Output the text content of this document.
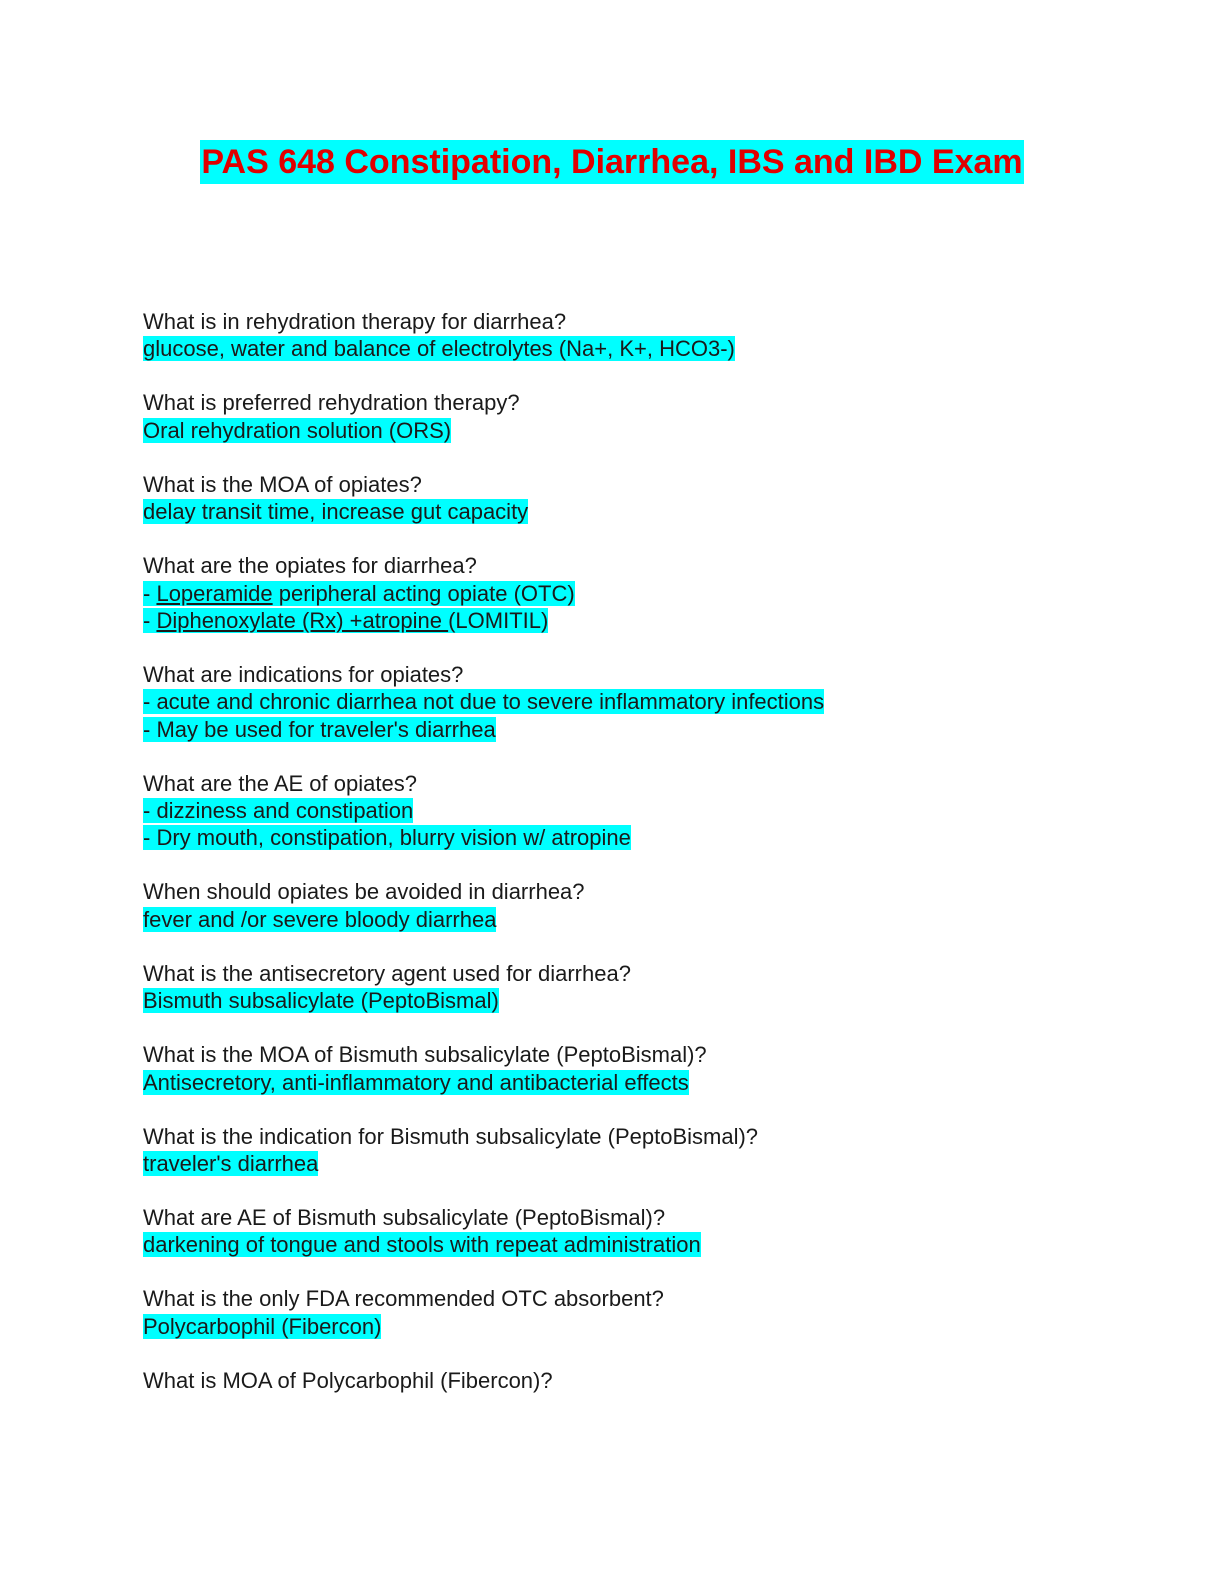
PAS 648 Constipation, Diarrhea, IBS and IBD Exam
What is in rehydration therapy for diarrhea?
glucose, water and balance of electrolytes (Na+, K+, HCO3-)
What is preferred rehydration therapy?
Oral rehydration solution (ORS)
What is the MOA of opiates?
delay transit time, increase gut capacity
What are the opiates for diarrhea?
- Loperamide peripheral acting opiate (OTC)
- Diphenoxylate (Rx) +atropine (LOMITIL)
What are indications for opiates?
- acute and chronic diarrhea not due to severe inflammatory infections
- May be used for traveler's diarrhea
What are the AE of opiates?
- dizziness and constipation
- Dry mouth, constipation, blurry vision w/ atropine
When should opiates be avoided in diarrhea?
fever and /or severe bloody diarrhea
What is the antisecretory agent used for diarrhea?
Bismuth subsalicylate (PeptoBismal)
What is the MOA of Bismuth subsalicylate (PeptoBismal)?
Antisecretory, anti-inflammatory and antibacterial effects
What is the indication for Bismuth subsalicylate (PeptoBismal)?
traveler's diarrhea
What are AE of Bismuth subsalicylate (PeptoBismal)?
darkening of tongue and stools with repeat administration
What is the only FDA recommended OTC absorbent?
Polycarbophil (Fibercon)
What is MOA of Polycarbophil (Fibercon)?
